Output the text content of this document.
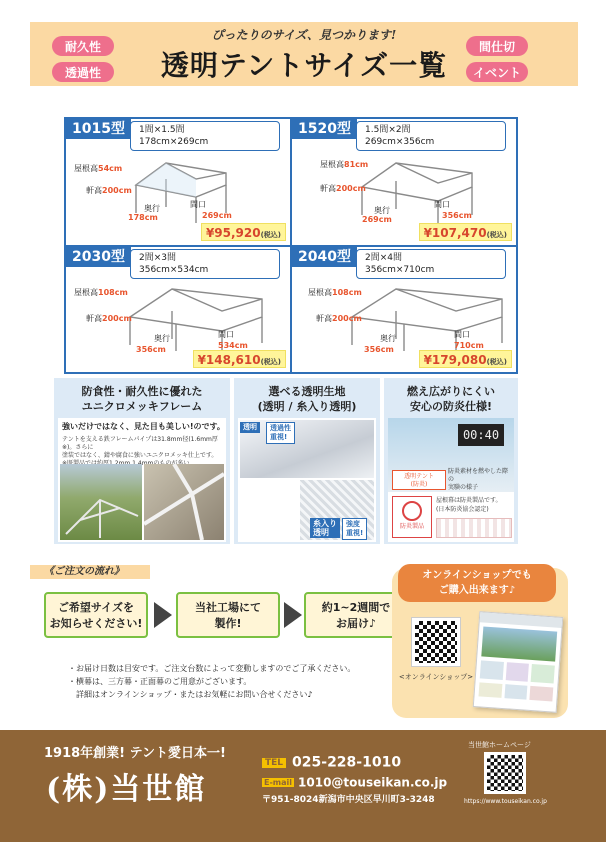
ぴったりのサイズ、見つかります!
耐久性
透過性	透明テントサイズ一覧
間仕切
イベント
1015型	1間×1.5間
178cm×269cm
屋根高54cm
軒高200cm
奥行
178cm
間口
269cm
¥95,920(税込)
1520型	1.5間×2間
269cm×356cm
屋根高81cm
軒高200cm
奥行
269cm
間口
356cm
¥107,470(税込)
2030型	2間×3間
356cm×534cm
屋根高108cm
軒高200cm
奥行
356cm
間口
534cm
¥148,610(税込)
2040型	2間×4間
356cm×710cm
屋根高108cm
軒高200cm
奥行
356cm
間口
710cm
¥179,080(税込)
防食性・耐久性に優れた
ユニクロメッキフレーム
強いだけではなく、見た目も美しい!のです。
テントを支える鉄フレームパイプは31.8mm径(1.6mm厚※)。さらに
塗装ではなく、錆や腐食に強いユニクロメッキ仕上です。
選べる透明生地
(透明 / 糸入り透明)
透明	透過性
重視!
糸入り
透明
強度
重視!
燃え広がりにくい
安心の防炎仕様!
00:40
透明テント
(防炎)
防炎素材を燃やした際の
実験の様子
防炎製品
屋根幕は防炎製品です。
(日本防炎協会認定)
《ご注文の流れ》
ご希望サイズを
お知らせください!
当社工場にて
製作!
約1~2週間で
お届け♪
・お届け日数は目安です。ご注文台数によって変動しますのでご了承ください。
・横幕は、三方幕・正面幕のご用意がございます。
　詳細はオンラインショップ・またはお気軽にお問い合せください♪
オンラインショップでも
ご購入出来ます♪
<オンラインショップ>
1918年創業! テント愛日本一!
(株)当世館
TEL 025-228-1010
E-mail 1010@touseikan.co.jp
〒951-8024新潟市中央区早川町3-3248
当世館ホームページ
https://www.touseikan.co.jp
